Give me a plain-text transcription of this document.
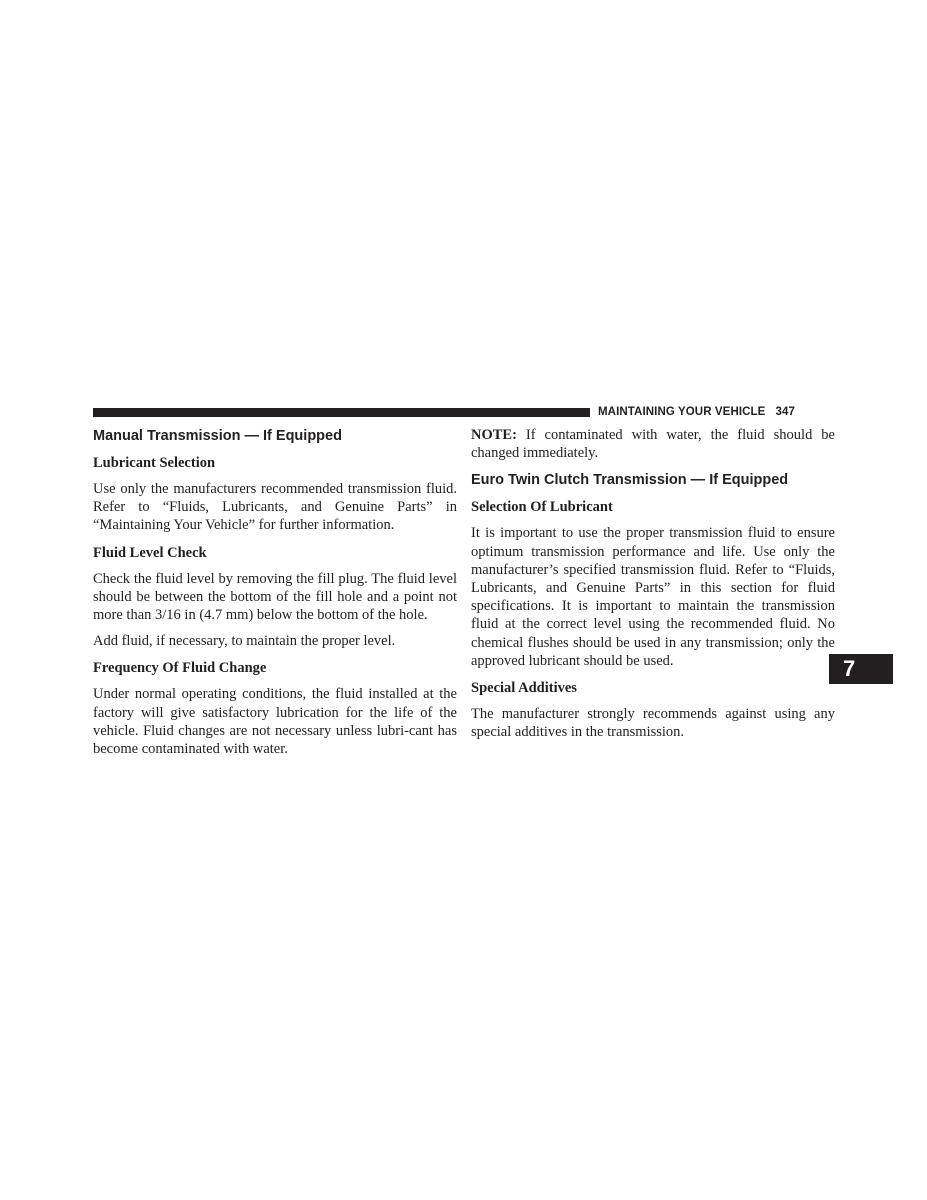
MAINTAINING YOUR VEHICLE 347
Manual Transmission — If Equipped
Lubricant Selection

Use only the manufacturers recommended transmission fluid. Refer to “Fluids, Lubricants, and Genuine Parts” in “Maintaining Your Vehicle” for further information.

Fluid Level Check

Check the fluid level by removing the fill plug. The fluid level should be between the bottom of the fill hole and a point not more than 3/16 in (4.7 mm) below the bottom of the hole.

Add fluid, if necessary, to maintain the proper level.

Frequency Of Fluid Change

Under normal operating conditions, the fluid installed at the factory will give satisfactory lubrication for the life of the vehicle. Fluid changes are not necessary unless lubri-cant has become contaminated with water.

NOTE: If contaminated with water, the fluid should be changed immediately.

Euro Twin Clutch Transmission — If Equipped
Selection Of Lubricant

It is important to use the proper transmission fluid to ensure optimum transmission performance and life. Use only the manufacturer’s specified transmission fluid. Refer to “Fluids, Lubricants, and Genuine Parts” in this section for fluid specifications. It is important to maintain the transmission fluid at the correct level using the recommended fluid. No chemical flushes should be used in any transmission; only the approved lubricant should be used.

Special Additives

The manufacturer strongly recommends against using any special additives in the transmission.

7
